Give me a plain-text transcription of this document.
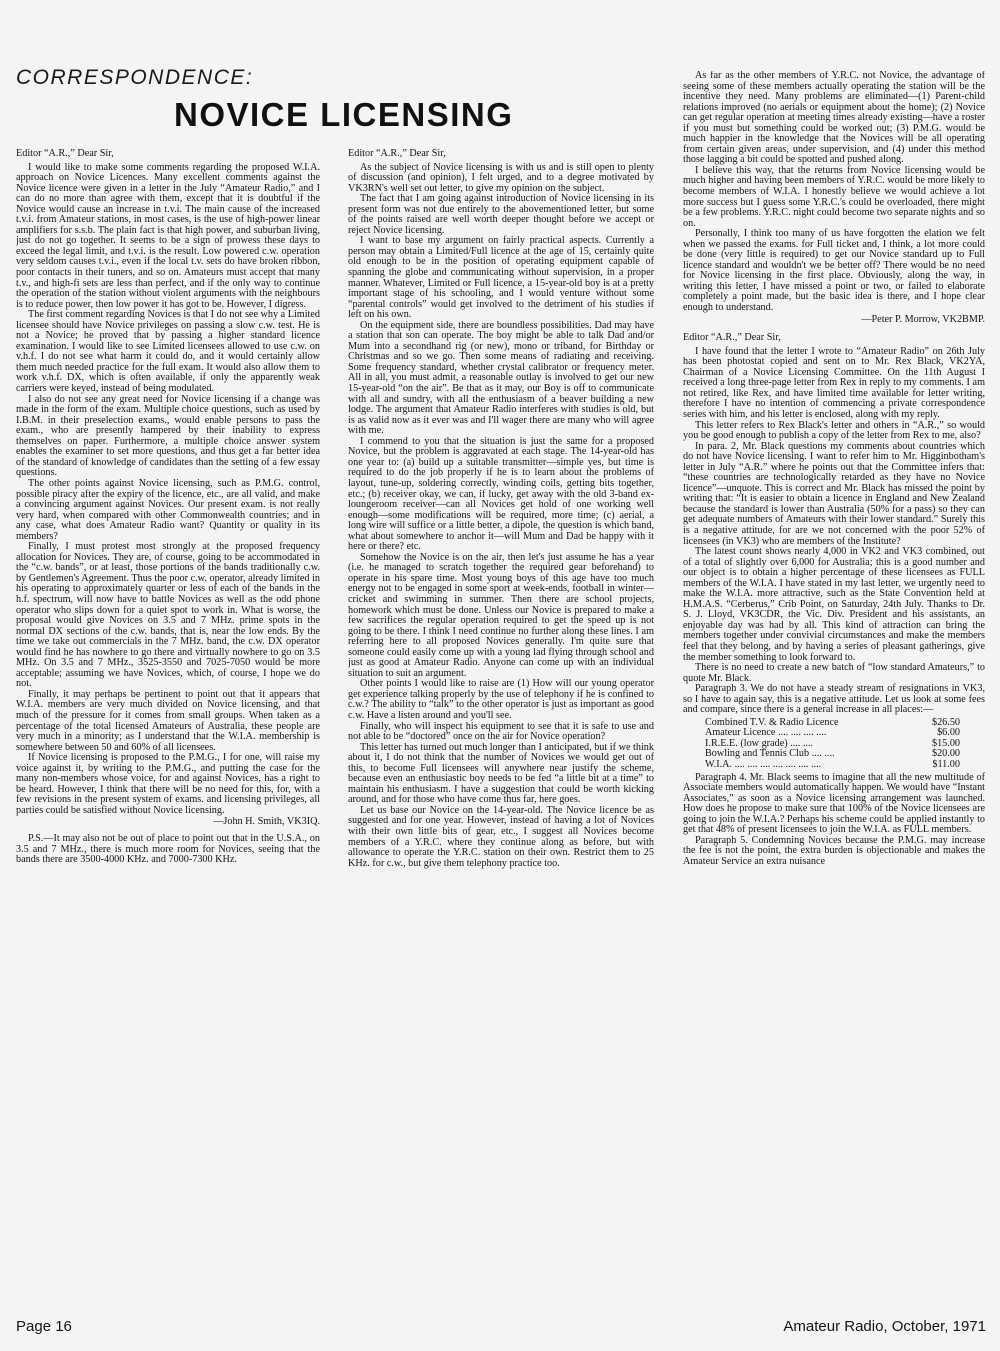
CORRESPONDENCE:
NOVICE LICENSING

Editor “A.R.,” Dear Sir,

I would like to make some comments regarding the proposed W.I.A. approach on Novice Licences. Many excellent comments against the Novice licence were given in a letter in the July “Amateur Radio,” and I can do no more than agree with them, except that it is doubtful if the Novice would cause an increase in t.v.i. The main cause of the increased t.v.i. from Amateur stations, in most cases, is the use of high-power linear amplifiers for s.s.b. The plain fact is that high power, and suburban living, just do not go together. It seems to be a sign of prowess these days to exceed the legal limit, and t.v.i. is the result. Low powered c.w. operation very seldom causes t.v.i., even if the local t.v. sets do have broken ribbon, poor contacts in their tuners, and so on. Amateurs must accept that many t.v., and high-fi sets are less than perfect, and if the only way to continue the operation of the station without violent arguments with the neighbours is to reduce power, then low power it has got to be. However, I digress.

The first comment regarding Novices is that I do not see why a Limited licensee should have Novice privileges on passing a slow c.w. test. He is not a Novice; he proved that by passing a higher standard licence examination. I would like to see Limited licensees allowed to use c.w. on v.h.f. I do not see what harm it could do, and it would certainly allow them much needed practice for the full exam. It would also allow them to work v.h.f. DX, which is often available, if only the apparently weak carriers were keyed, instead of being modulated.

I also do not see any great need for Novice licensing if a change was made in the form of the exam. Multiple choice questions, such as used by I.B.M. in their preselection exams., would enable persons to pass the exam., who are presently hampered by their inability to express themselves on paper. Furthermore, a multiple choice answer system enables the examiner to set more questions, and thus get a far better idea of the standard of knowledge of candidates than the setting of a few essay questions.

The other points against Novice licensing, such as P.M.G. control, possible piracy after the expiry of the licence, etc., are all valid, and make a convincing argument against Novices. Our present exam. is not really very hard, when compared with other Commonwealth countries; and in any case, what does Amateur Radio want? Quantity or quality in its members?

Finally, I must protest most strongly at the proposed frequency allocation for Novices. They are, of course, going to be accommodated in the “c.w. bands”, or at least, those portions of the bands traditionally c.w. by Gentlemen's Agreement. Thus the poor c.w. operator, already limited in his operating to approximately quarter or less of each of the bands in the h.f. spectrum, will now have to battle Novices as well as the odd phone operator who slips down for a quiet spot to work in. What is worse, the proposal would give Novices on 3.5 and 7 MHz. prime spots in the normal DX sections of the c.w. bands, that is, near the low ends. By the time we take out commercials in the 7 MHz. band, the c.w. DX operator would find he has nowhere to go there and virtually nowhere to go on 3.5 MHz. On 3.5 and 7 MHz., 3525-3550 and 7025-7050 would be more acceptable; assuming we have Novices, which, of course, I hope we do not.

Finally, it may perhaps be pertinent to point out that it appears that W.I.A. members are very much divided on Novice licensing, and that much of the pressure for it comes from small groups. When taken as a percentage of the total licensed Amateurs of Australia, these people are very much in a minority; as I understand that the W.I.A. membership is somewhere between 50 and 60% of all licensees.

If Novice licensing is proposed to the P.M.G., I for one, will raise my voice against it, by writing to the P.M.G., and putting the case for the many non-members whose voice, for and against Novices, has a right to be heard. However, I think that there will be no need for this, for, with a few revisions in the present system of exams. and licensing privileges, all parties could be satisfied without Novice licensing.

—John H. Smith, VK3IQ.

P.S.—It may also not be out of place to point out that in the U.S.A., on 3.5 and 7 MHz., there is much more room for Novices, seeing that the bands there are 3500-4000 KHz. and 7000-7300 KHz.

Editor “A.R.,” Dear Sir,

As the subject of Novice licensing is with us and is still open to plenty of discussion (and opinion), I felt urged, and to a degree motivated by VK3RN's well set out letter, to give my opinion on the subject.

The fact that I am going against introduction of Novice licensing in its present form was not due entirely to the abovementioned letter, but some of the points raised are well worth deeper thought before we accept or reject Novice licensing.

I want to base my argument on fairly practical aspects. Currently a person may obtain a Limited/Full licence at the age of 15, certainly quite old enough to be in the position of operating equipment capable of spanning the globe and communicating without supervision, in a proper manner. Whatever, Limited or Full licence, a 15-year-old boy is at a pretty important stage of his schooling, and I would venture without some “parental controls” would get involved to the detriment of his studies if left on his own.

On the equipment side, there are boundless possibilities. Dad may have a station that son can operate. The boy might be able to talk Dad and/or Mum into a secondhand rig (or new), mono or triband, for Birthday or Christmas and so we go. Then some means of radiating and receiving. Some frequency standard, whether crystal calibrator or frequency meter. All in all, you must admit, a reasonable outlay is involved to get our new 15-year-old “on the air”. Be that as it may, our Boy is off to communicate with all and sundry, with all the enthusiasm of a beaver building a new lodge. The argument that Amateur Radio interferes with studies is old, but is as valid now as it ever was and I'll wager there are many who will agree with me.

I commend to you that the situation is just the same for a proposed Novice, but the problem is aggravated at each stage. The 14-year-old has one year to: (a) build up a suitable transmitter—simple yes, but time is required to do the job properly if he is to learn about the problems of layout, tune-up, soldering correctly, winding coils, getting bits together, etc.; (b) receiver okay, we can, if lucky, get away with the old 3-band ex-loungeroom receiver—can all Novices get hold of one working well enough—some modifications will be required, more time; (c) aerial, a long wire will suffice or a little better, a dipole, the question is which band, what about somewhere to anchor it—will Mum and Dad be happy with it here or there? etc.

Somehow the Novice is on the air, then let's just assume he has a year (i.e. he managed to scratch together the required gear beforehand) to operate in his spare time. Most young boys of this age have too much energy not to be engaged in some sport at week-ends, football in winter—cricket and swimming in summer. Then there are school projects, homework which must be done. Unless our Novice is prepared to make a few sacrifices the regular operation required to get the speed up is not going to be there. I think I need continue no further along these lines. I am referring here to all proposed Novices generally. I'm quite sure that someone could easily come up with a young lad flying through school and just as good at Amateur Radio. Anyone can come up with an individual situation to suit an argument.

Other points I would like to raise are (1) How will our young operator get experience talking properly by the use of telephony if he is confined to c.w.? The ability to “talk” to the other operator is just as important as good c.w. Have a listen around and you'll see.

Finally, who will inspect his equipment to see that it is safe to use and not able to be “doctored” once on the air for Novice operation?

This letter has turned out much longer than I anticipated, but if we think about it, I do not think that the number of Novices we would get out of this, to become Full licensees will anywhere near justify the scheme, because even an enthusiastic boy needs to be fed “a little bit at a time” to maintain his enthusiasm. I have a suggestion that could be worth kicking around, and for those who have come thus far, here goes.

Let us base our Novice on the 14-year-old. The Novice licence be as suggested and for one year. However, instead of having a lot of Novices with their own little bits of gear, etc., I suggest all Novices become members of a Y.R.C. where they continue along as before, but with allowance to operate the Y.R.C. station on their own. Restrict them to 25 KHz. for c.w., but give them telephony practice too.

As far as the other members of Y.R.C. not Novice, the advantage of seeing some of these members actually operating the station will be the incentive they need. Many problems are eliminated—(1) Parent-child relations improved (no aerials or equipment about the home); (2) Novice can get regular operation at meeting times already existing—have a roster if you must but something could be worked out; (3) P.M.G. would be much happier in the knowledge that the Novices will be all operating from certain given areas, under supervision, and (4) under this method those lagging a bit could be spotted and pushed along.

I believe this way, that the returns from Novice licensing would be much higher and having been members of Y.R.C. would be more likely to become members of W.I.A. I honestly believe we would achieve a lot more success but I guess some Y.R.C.'s could be overloaded, there might be a few problems. Y.R.C. night could become two separate nights and so on.

Personally, I think too many of us have forgotten the elation we felt when we passed the exams. for Full ticket and, I think, a lot more could be done (very little is required) to get our Novice standard up to Full licence standard and wouldn't we be better off? There would be no need for Novice licensing in the first place. Obviously, along the way, in writing this letter, I have missed a point or two, or failed to elaborate completely a point made, but the basic idea is there, and I hope clear enough to understand.

—Peter P. Morrow, VK2BMP.

Editor “A.R.,” Dear Sir,

I have found that the letter I wrote to “Amateur Radio” on 26th July has been photostat copied and sent on to Mr. Rex Black, VK2YA, Chairman of a Novice Licensing Committee. On the 11th August I received a long three-page letter from Rex in reply to my comments. I am not retired, like Rex, and have limited time available for letter writing, therefore I have no intention of commencing a private correspondence series with him, and his letter is enclosed, along with my reply.

This letter refers to Rex Black's letter and others in “A.R.,” so would you be good enough to publish a copy of the letter from Rex to me, also?

In para. 2, Mr. Black questions my comments about countries which do not have Novice licensing. I want to refer him to Mr. Higginbotham's letter in July “A.R.” where he points out that the Committee infers that: “these countries are technologically retarded as they have no Novice licence”—unquote. This is correct and Mr. Black has missed the point by writing that: “It is easier to obtain a licence in England and New Zealand because the standard is lower than Australia (50% for a pass) so they can get adequate numbers of Amateurs with their lower standard.” Surely this is a negative attitude, for are we not concerned with the poor 52% of licensees (in VK3) who are members of the Institute?

The latest count shows nearly 4,000 in VK2 and VK3 combined, out of a total of slightly over 6,000 for Australia; this is a good number and our object is to obtain a higher percentage of these licensees as FULL members of the W.I.A. I have stated in my last letter, we urgently need to make the W.I.A. more attractive, such as the State Convention held at H.M.A.S. “Cerberus,” Crib Point, on Saturday, 24th July. Thanks to Dr. S. J. Lloyd, VK3CDR, the Vic. Div. President and his assistants, an enjoyable day was had by all. This kind of attraction can bring the members together under convivial circumstances and make the members feel that they belong, and by having a series of pleasant gatherings, give the member something to look forward to.

There is no need to create a new batch of “low standard Amateurs,” to quote Mr. Black.

Paragraph 3. We do not have a steady stream of resignations in VK3, so I have to again say, this is a negative attitude. Let us look at some fees and compare, since there is a general increase in all places:—

Combined T.V. & Radio Licence	$26.50
Amateur Licence .... .... .... ....	$6.00
I.R.E.E. (low grade) .... ....	$15.00
Bowling and Tennis Club .... ....	$20.00
W.I.A. .... .... .... .... .... .... ....	$11.00

Paragraph 4. Mr. Black seems to imagine that all the new multitude of Associate members would automatically happen. We would have “Instant Associates,” as soon as a Novice licensing arrangement was launched. How does he propose to make sure that 100% of the Novice licensees are going to join the W.I.A.? Perhaps his scheme could be applied instantly to get that 48% of present licensees to join the W.I.A. as FULL members.

Paragraph 5. Condemning Novices because the P.M.G. may increase the fee is not the point, the extra burden is objectionable and makes the Amateur Service an extra nuisance

Page 16	Amateur Radio, October, 1971
